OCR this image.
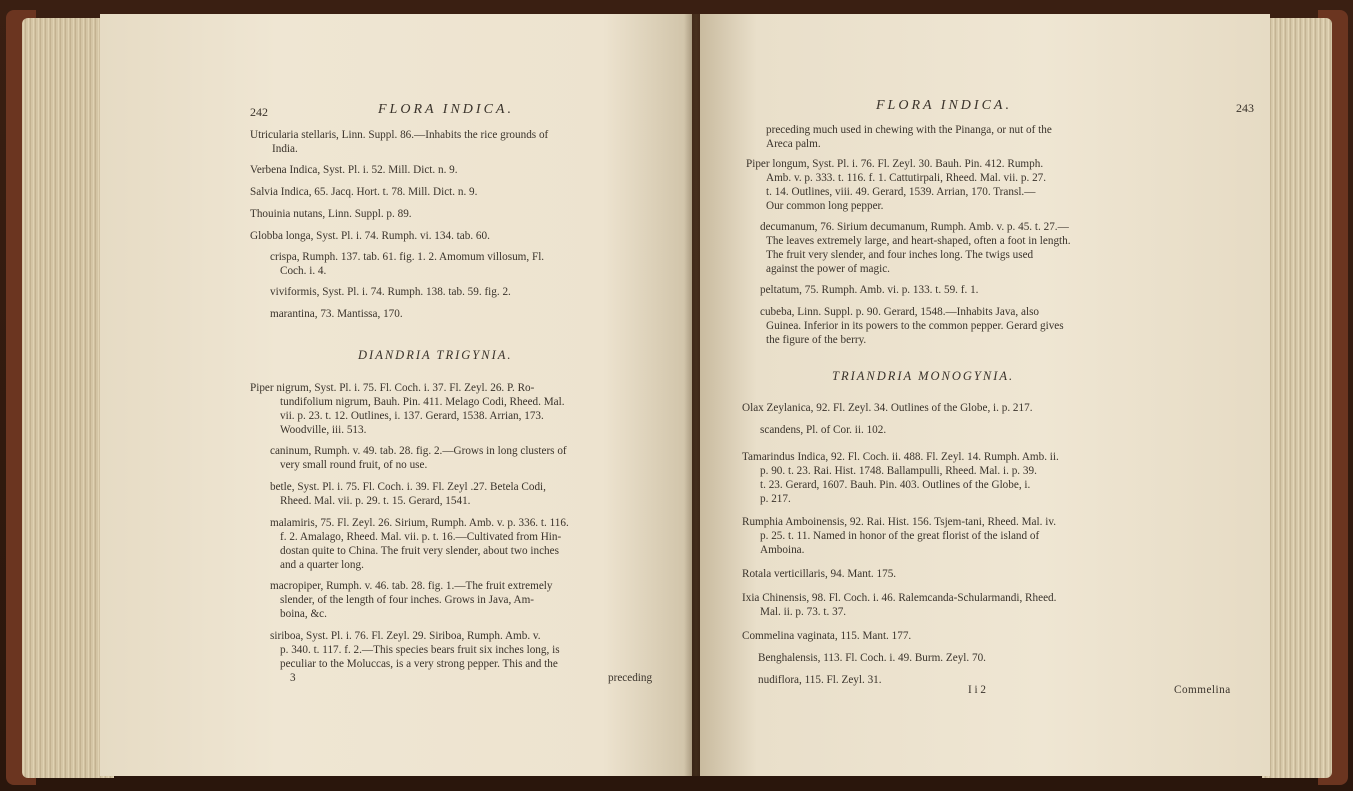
242	FLORA INDICA.
Utricularia stellaris, Linn. Suppl. 86.—Inhabits the rice grounds of
India.
Verbena Indica, Syst. Pl. i. 52. Mill. Dict. n. 9.
Salvia Indica, 65. Jacq. Hort. t. 78. Mill. Dict. n. 9.
Thouinia nutans, Linn. Suppl. p. 89.
Globba longa, Syst. Pl. i. 74. Rumph. vi. 134. tab. 60.
crispa, Rumph. 137. tab. 61. fig. 1. 2. Amomum villosum, Fl.
Coch. i. 4.
viviformis, Syst. Pl. i. 74. Rumph. 138. tab. 59. fig. 2.
marantina, 73. Mantissa, 170.
DIANDRIA TRIGYNIA.
Piper nigrum, Syst. Pl. i. 75. Fl. Coch. i. 37. Fl. Zeyl. 26. P. Ro-
tundifolium nigrum, Bauh. Pin. 411. Melago Codi, Rheed. Mal.
vii. p. 23. t. 12. Outlines, i. 137. Gerard, 1538. Arrian, 173.
Woodville, iii. 513.
caninum, Rumph. v. 49. tab. 28. fig. 2.—Grows in long clusters of
very small round fruit, of no use.
betle, Syst. Pl. i. 75. Fl. Coch. i. 39. Fl. Zeyl .27. Betela Codi,
Rheed. Mal. vii. p. 29. t. 15. Gerard, 1541.
malamiris, 75. Fl. Zeyl. 26. Sirium, Rumph. Amb. v. p. 336. t. 116.
f. 2. Amalago, Rheed. Mal. vii. p. t. 16.—Cultivated from Hin-
dostan quite to China. The fruit very slender, about two inches
and a quarter long.
macropiper, Rumph. v. 46. tab. 28. fig. 1.—The fruit extremely
slender, of the length of four inches. Grows in Java, Am-
boina, &c.
siriboa, Syst. Pl. i. 76. Fl. Zeyl. 29. Siriboa, Rumph. Amb. v.
p. 340. t. 117. f. 2.—This species bears fruit six inches long, is
peculiar to the Moluccas, is a very strong pepper. This and the
3	preceding
FLORA INDICA.	243
preceding much used in chewing with the Pinanga, or nut of the
Areca palm.
Piper longum, Syst. Pl. i. 76. Fl. Zeyl. 30. Bauh. Pin. 412. Rumph.
Amb. v. p. 333. t. 116. f. 1. Cattutirpali, Rheed. Mal. vii. p. 27.
t. 14. Outlines, viii. 49. Gerard, 1539. Arrian, 170. Transl.—
Our common long pepper.
decumanum, 76. Sirium decumanum, Rumph. Amb. v. p. 45. t. 27.—
The leaves extremely large, and heart-shaped, often a foot in length.
The fruit very slender, and four inches long. The twigs used
against the power of magic.
peltatum, 75. Rumph. Amb. vi. p. 133. t. 59. f. 1.
cubeba, Linn. Suppl. p. 90. Gerard, 1548.—Inhabits Java, also
Guinea. Inferior in its powers to the common pepper. Gerard gives
the figure of the berry.
TRIANDRIA MONOGYNIA.
Olax Zeylanica, 92. Fl. Zeyl. 34. Outlines of the Globe, i. p. 217.
scandens, Pl. of Cor. ii. 102.
Tamarindus Indica, 92. Fl. Coch. ii. 488. Fl. Zeyl. 14. Rumph. Amb. ii.
p. 90. t. 23. Rai. Hist. 1748. Ballampulli, Rheed. Mal. i. p. 39.
t. 23. Gerard, 1607. Bauh. Pin. 403. Outlines of the Globe, i.
p. 217.
Rumphia Amboinensis, 92. Rai. Hist. 156. Tsjem-tani, Rheed. Mal. iv.
p. 25. t. 11. Named in honor of the great florist of the island of
Amboina.
Rotala verticillaris, 94. Mant. 175.
Ixia Chinensis, 98. Fl. Coch. i. 46. Ralemcanda-Schularmandi, Rheed.
Mal. ii. p. 73. t. 37.
Commelina vaginata, 115. Mant. 177.
Benghalensis, 113. Fl. Coch. i. 49. Burm. Zeyl. 70.
nudiflora, 115. Fl. Zeyl. 31.
I i 2	Commelina
